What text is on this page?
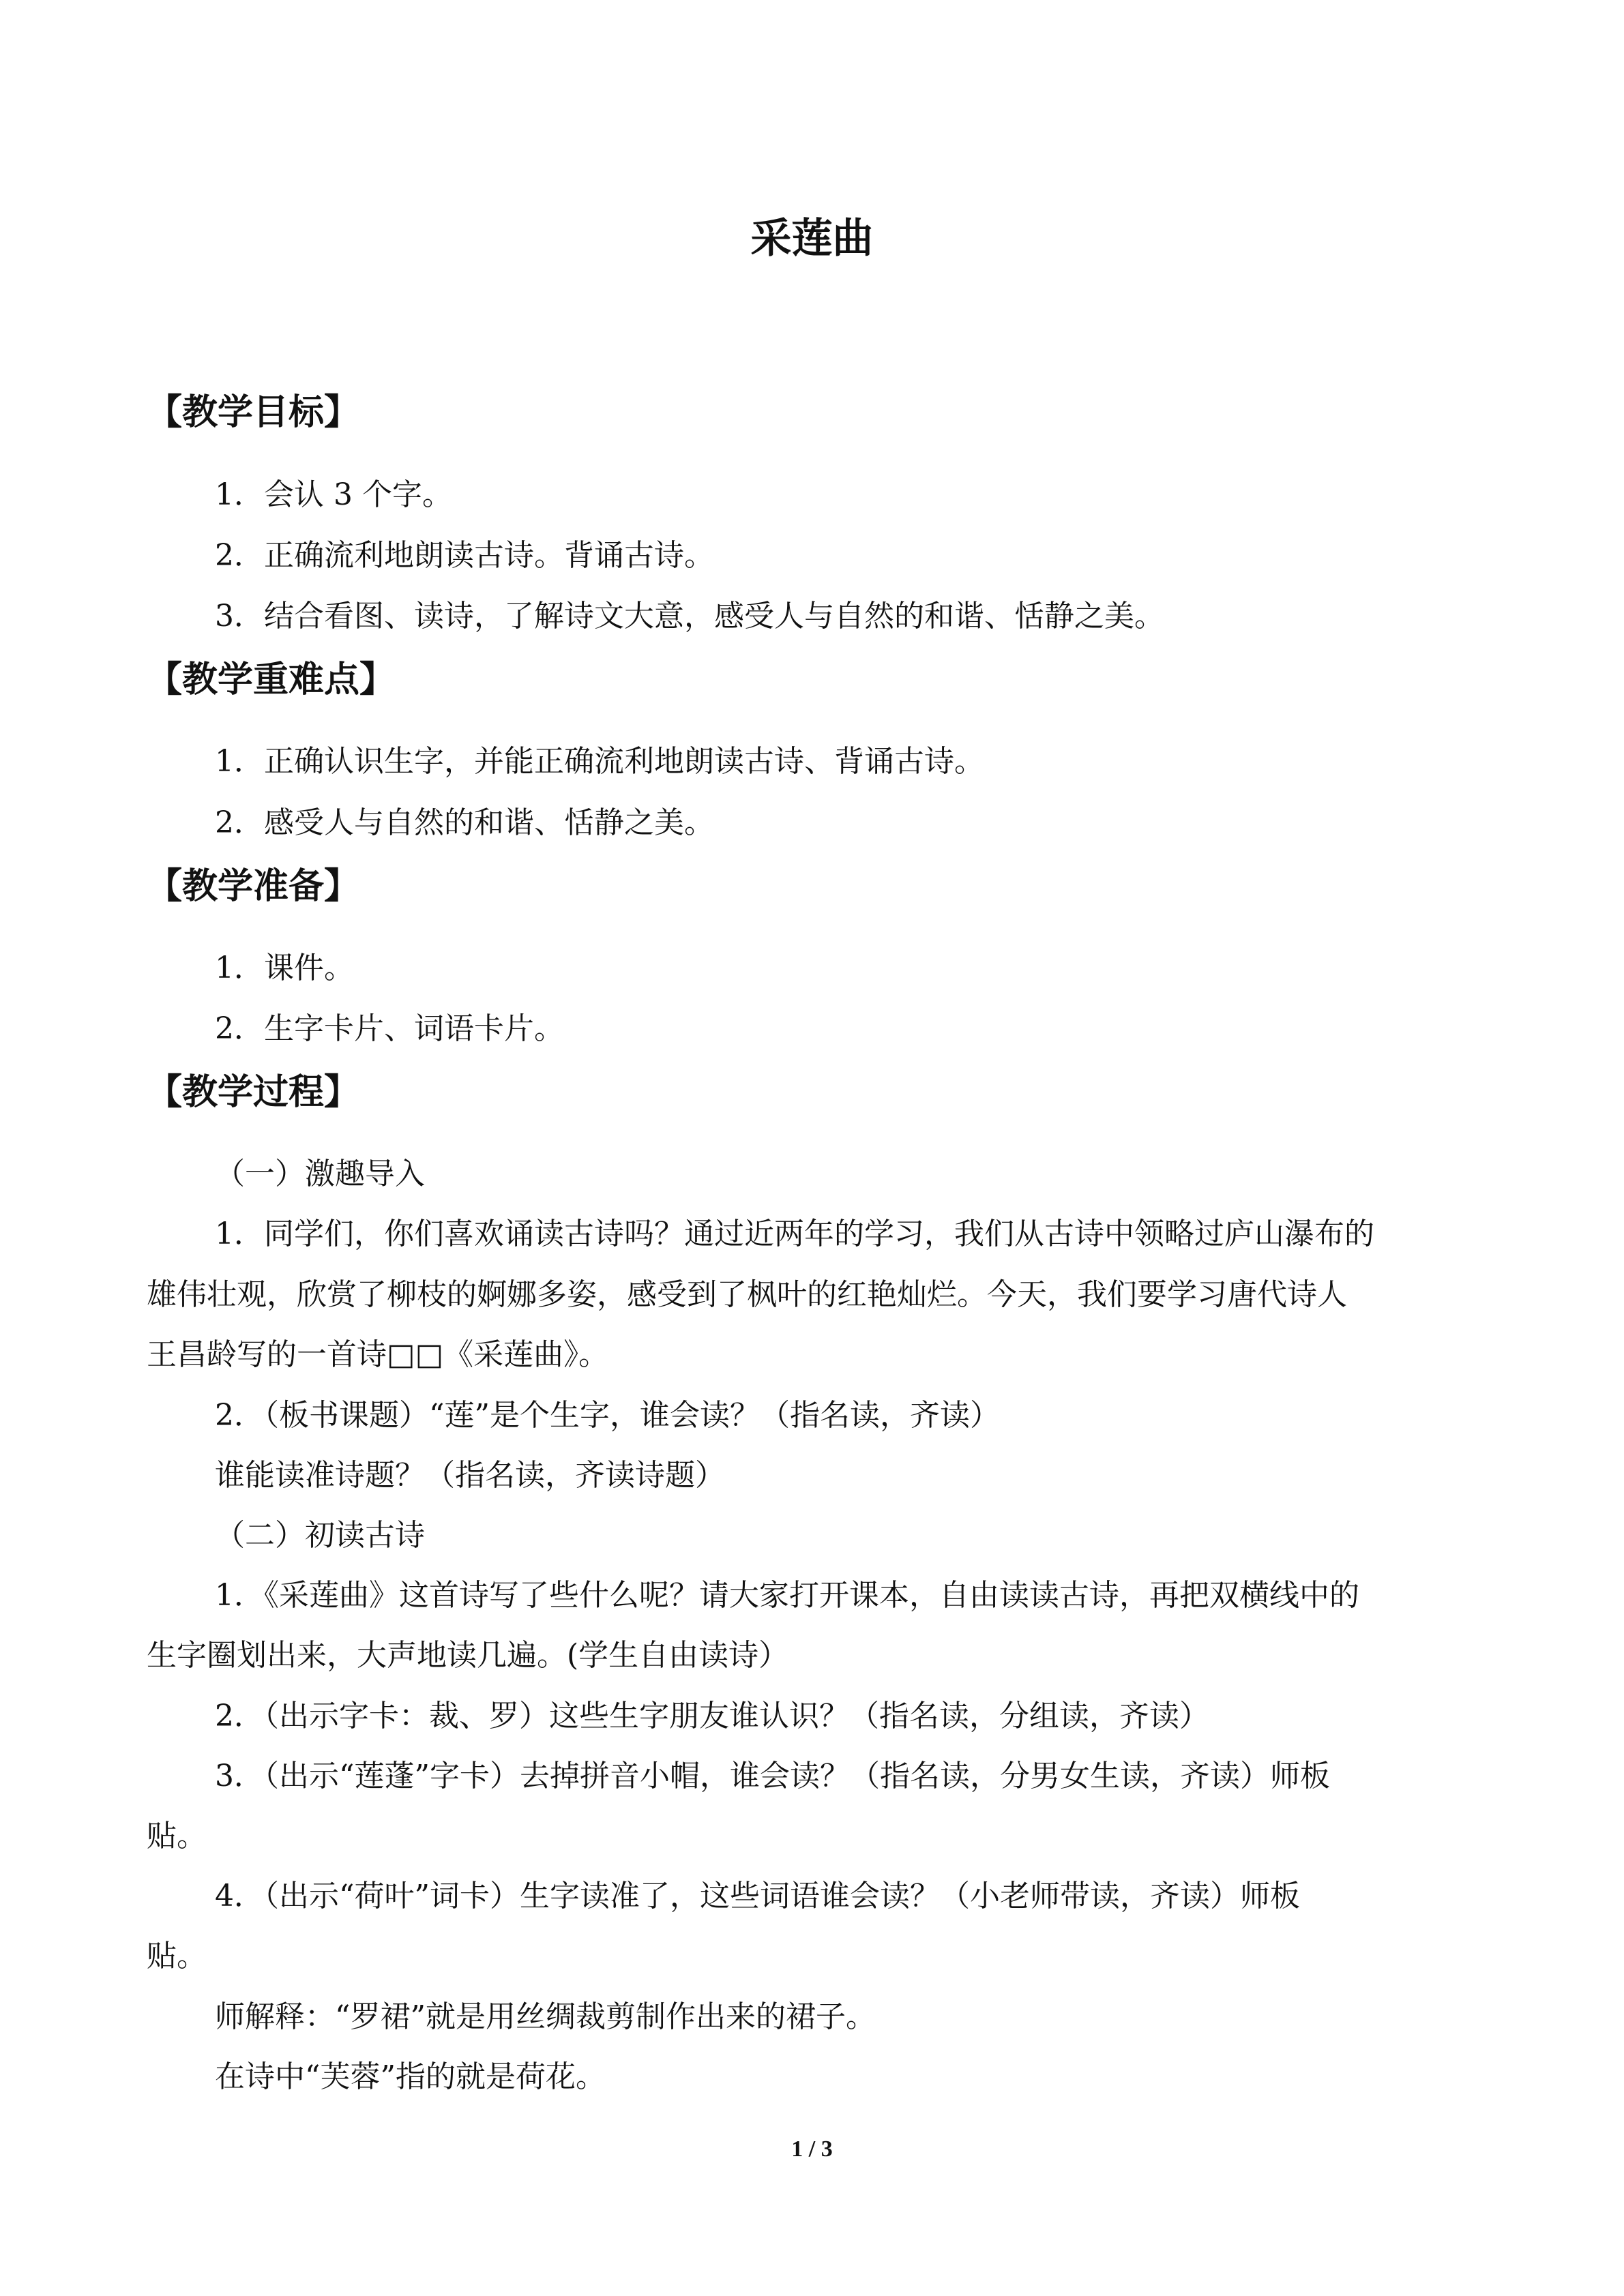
采莲曲
【教学目标】

1．会认 3 个字。

2．正确流利地朗读古诗。背诵古诗。

3．结合看图、读诗，了解诗文大意，感受人与自然的和谐、恬静之美。

【教学重难点】

1．正确认识生字，并能正确流利地朗读古诗、背诵古诗。

2．感受人与自然的和谐、恬静之美。

【教学准备】

1．课件。

2．生字卡片、词语卡片。

【教学过程】

（一）激趣导入

1．同学们，你们喜欢诵读古诗吗？通过近两年的学习，我们从古诗中领略过庐山瀑布的

雄伟壮观，欣赏了柳枝的婀娜多姿，感受到了枫叶的红艳灿烂。今天，我们要学习唐代诗人

王昌龄写的一首诗□□《采莲曲》。

2．（板书课题）“莲”是个生字，谁会读？（指名读，齐读）

谁能读准诗题？（指名读，齐读诗题）

（二）初读古诗

1．《采莲曲》这首诗写了些什么呢？请大家打开课本，自由读读古诗，再把双横线中的

生字圈划出来，大声地读几遍。(学生自由读诗）

2．（出示字卡：裁、罗）这些生字朋友谁认识？（指名读，分组读，齐读）

3．（出示“莲蓬”字卡）去掉拼音小帽，谁会读？（指名读，分男女生读，齐读）师板

贴。

4．（出示“荷叶”词卡）生字读准了，这些词语谁会读？（小老师带读，齐读）师板

贴。

师解释：“罗裙”就是用丝绸裁剪制作出来的裙子。

在诗中“芙蓉”指的就是荷花。

1 / 3
